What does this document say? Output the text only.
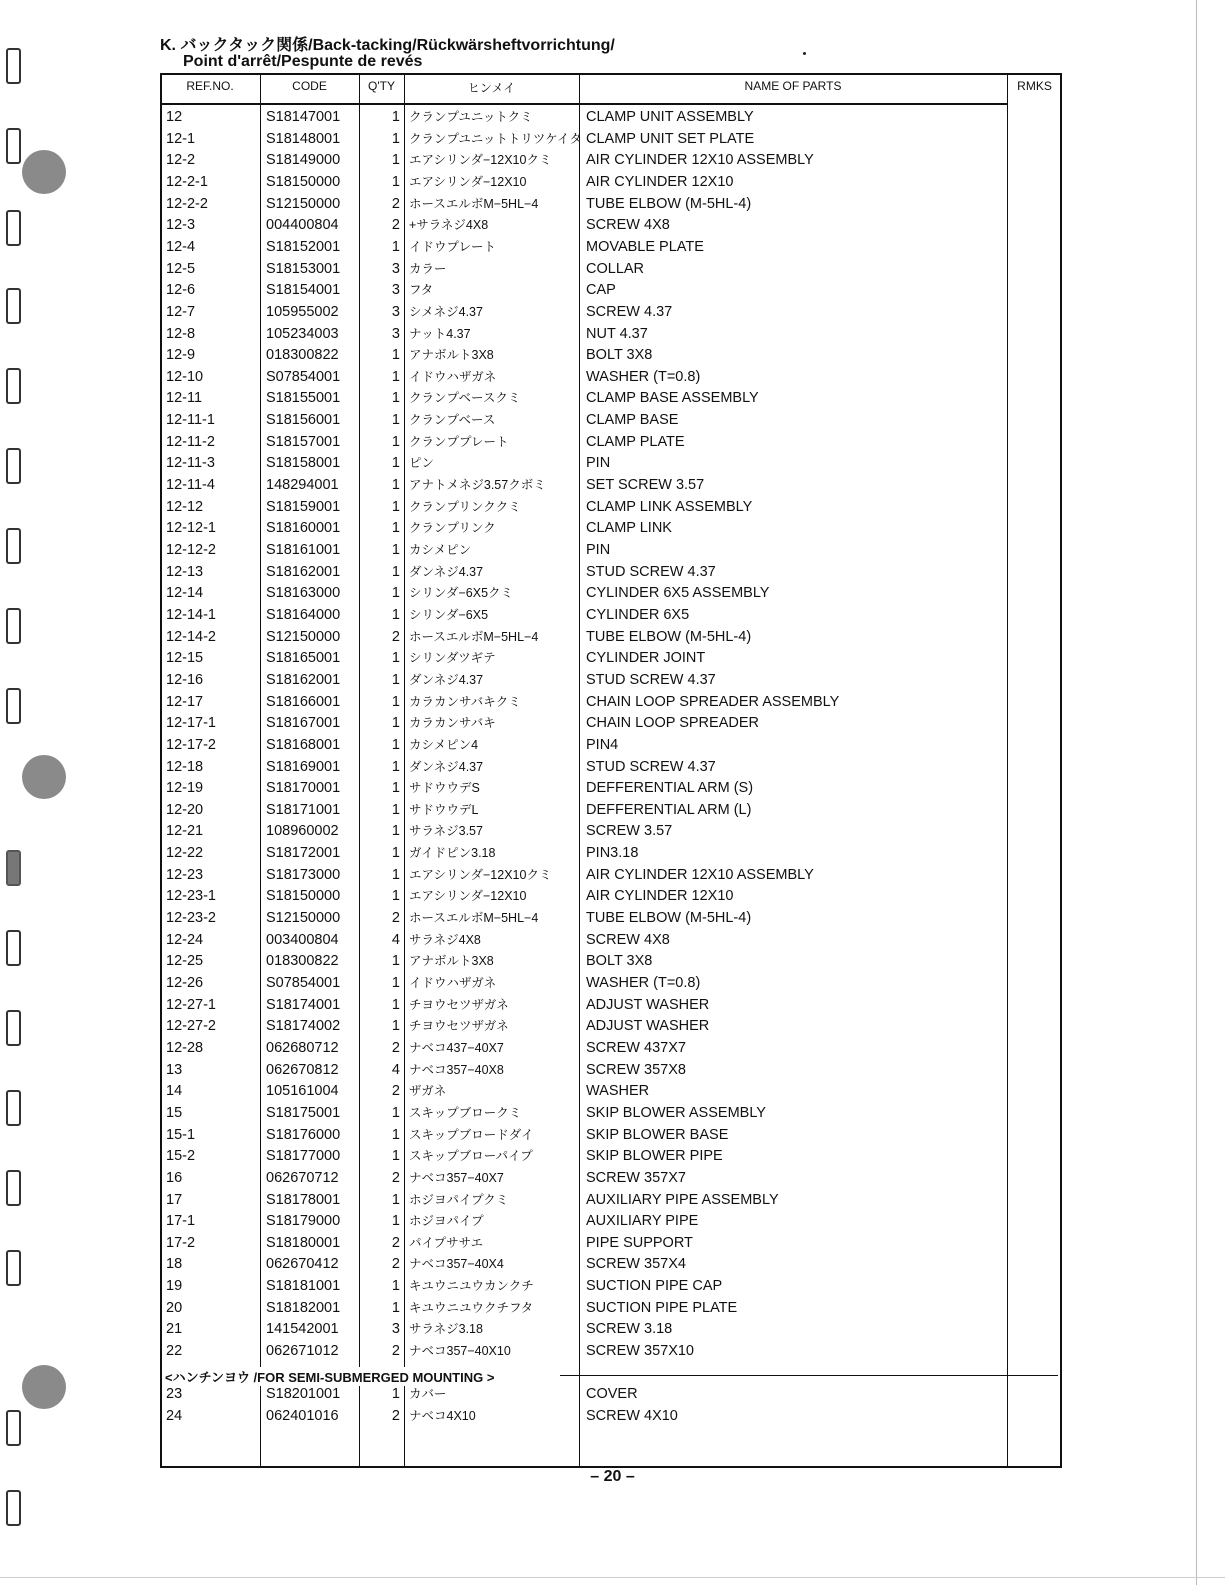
K. バックタック関係/Back-tacking/Rückwärsheftvorrichtung/
Point d'arrêt/Pespunte de revés
REF.NO.	CODE	Q'TY	ヒンメイ	NAME OF PARTS	RMKS
12	S18147001	1 クランプユニットクミ	CLAMP UNIT ASSEMBLY
12-1	S18148001	1 クランプユニットトリツケイタ CLAMP UNIT SET PLATE
12-2	S18149000	1 エアシリンダ−12X10クミ AIR CYLINDER 12X10 ASSEMBLY
12-2-1	S18150000	1 エアシリンダ−12X10	AIR CYLINDER 12X10
12-2-2	S12150000	2 ホースエルボM−5HL−4	TUBE ELBOW (M-5HL-4)
12-3	004400804	2 +サラネジ4X8	SCREW 4X8
12-4	S18152001	1 イドウプレート	MOVABLE PLATE
12-5	S18153001	3 カラー	COLLAR
12-6	S18154001	3 フタ	CAP
12-7	105955002	3 シメネジ4.37	SCREW 4.37
12-8	105234003	3 ナット4.37	NUT 4.37
12-9	018300822	1 アナボルト3X8	BOLT 3X8
12-10	S07854001	1 イドウハザガネ	WASHER (T=0.8)
12-11	S18155001	1 クランプベースクミ	CLAMP BASE ASSEMBLY
12-11-1	S18156001	1 クランプベース	CLAMP BASE
12-11-2	S18157001	1 クランププレート	CLAMP PLATE
12-11-3	S18158001	1 ピン	PIN
12-11-4	148294001	1 アナトメネジ3.57クボミ	SET SCREW 3.57
12-12	S18159001	1 クランプリンククミ	CLAMP LINK ASSEMBLY
12-12-1	S18160001	1 クランプリンク	CLAMP LINK
12-12-2	S18161001	1 カシメピン	PIN
12-13	S18162001	1 ダンネジ4.37	STUD SCREW 4.37
12-14	S18163000	1 シリンダ−6X5クミ	CYLINDER 6X5 ASSEMBLY
12-14-1	S18164000	1 シリンダ−6X5	CYLINDER 6X5
12-14-2	S12150000	2 ホースエルボM−5HL−4	TUBE ELBOW (M-5HL-4)
12-15	S18165001	1 シリンダツギテ	CYLINDER JOINT
12-16	S18162001	1 ダンネジ4.37	STUD SCREW 4.37
12-17	S18166001	1 カラカンサバキクミ	CHAIN LOOP SPREADER ASSEMBLY
12-17-1	S18167001	1 カラカンサバキ	CHAIN LOOP SPREADER
12-17-2	S18168001	1 カシメピン4	PIN4
12-18	S18169001	1 ダンネジ4.37	STUD SCREW 4.37
12-19	S18170001	1 サドウウデS	DEFFERENTIAL ARM (S)
12-20	S18171001	1 サドウウデL	DEFFERENTIAL ARM (L)
12-21	108960002	1 サラネジ3.57	SCREW 3.57
12-22	S18172001	1 ガイドピン3.18	PIN3.18
12-23	S18173000	1 エアシリンダ−12X10クミ AIR CYLINDER 12X10 ASSEMBLY
12-23-1	S18150000	1 エアシリンダ−12X10	AIR CYLINDER 12X10
12-23-2	S12150000	2 ホースエルボM−5HL−4	TUBE ELBOW (M-5HL-4)
12-24	003400804	4 サラネジ4X8	SCREW 4X8
12-25	018300822	1 アナボルト3X8	BOLT 3X8
12-26	S07854001	1 イドウハザガネ	WASHER (T=0.8)
12-27-1	S18174001	1 チヨウセツザガネ	ADJUST WASHER
12-27-2	S18174002	1 チヨウセツザガネ	ADJUST WASHER
12-28	062680712	2 ナベコ437−40X7	SCREW 437X7
13	062670812	4 ナベコ357−40X8	SCREW 357X8
14	105161004	2 ザガネ	WASHER
15	S18175001	1 スキップブロークミ	SKIP BLOWER ASSEMBLY
15-1	S18176000	1 スキップブロードダイ	SKIP BLOWER BASE
15-2	S18177000	1 スキップブローパイプ	SKIP BLOWER PIPE
16	062670712	2 ナベコ357−40X7	SCREW 357X7
17	S18178001	1 ホジヨパイプクミ	AUXILIARY PIPE ASSEMBLY
17-1	S18179000	1 ホジヨパイプ	AUXILIARY PIPE
17-2	S18180001	2 パイプササエ	PIPE SUPPORT
18	062670412	2 ナベコ357−40X4	SCREW 357X4
19	S18181001	1 キユウニユウカンクチ	SUCTION PIPE CAP
20	S18182001	1 キユウニユウクチフタ	SUCTION PIPE PLATE
21	141542001	3 サラネジ3.18	SCREW 3.18
22	062671012	2 ナベコ357−40X10	SCREW 357X10
<ハンチンヨウ /FOR SEMI-SUBMERGED MOUNTING >
23	S18201001	1 カバー	COVER
24	062401016	2 ナベコ4X10	SCREW 4X10
– 20 –
